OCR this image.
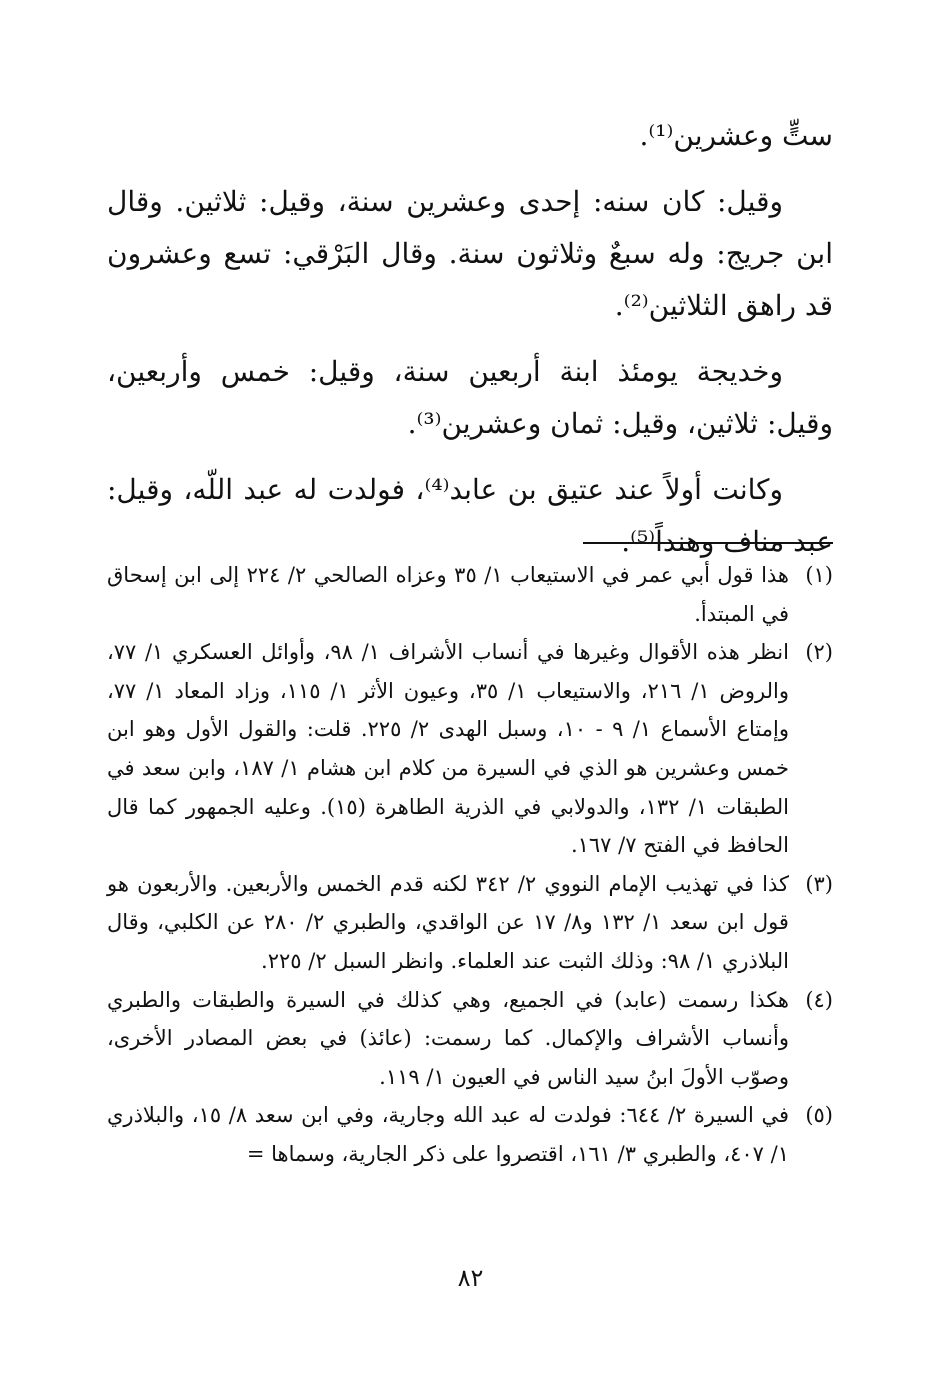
ستٍّ وعشرين⁽¹⁾.

وقيل: كان سنه: إحدى وعشرين سنة، وقيل: ثلاثين. وقال ابن جريج: وله سبعٌ وثلاثون سنة. وقال البَرْقي: تسع وعشرون قد راهق الثلاثين⁽²⁾.

وخديجة يومئذ ابنة أربعين سنة، وقيل: خمس وأربعين، وقيل: ثلاثين، وقيل: ثمان وعشرين⁽³⁾.

وكانت أولاً عند عتيق بن عابد⁽⁴⁾، فولدت له عبد اللّه، وقيل: عبد مناف وهنداً⁽⁵⁾.

(١)
هذا قول أبي عمر في الاستيعاب ١/ ٣٥ وعزاه الصالحي ٢/ ٢٢٤ إلى ابن إسحاق في المبتدأ.
(٢)
انظر هذه الأقوال وغيرها في أنساب الأشراف ١/ ٩٨، وأوائل العسكري ١/ ٧٧، والروض ١/ ٢١٦، والاستيعاب ١/ ٣٥، وعيون الأثر ١/ ١١٥، وزاد المعاد ١/ ٧٧، وإمتاع الأسماع ١/ ٩ - ١٠، وسبل الهدى ٢/ ٢٢٥. قلت: والقول الأول وهو ابن خمس وعشرين هو الذي في السيرة من كلام ابن هشام ١/ ١٨٧، وابن سعد في الطبقات ١/ ١٣٢، والدولابي في الذرية الطاهرة (١٥). وعليه الجمهور كما قال الحافظ في الفتح ٧/ ١٦٧.
(٣)
كذا في تهذيب الإمام النووي ٢/ ٣٤٢ لكنه قدم الخمس والأربعين. والأربعون هو قول ابن سعد ١/ ١٣٢ و٨/ ١٧ عن الواقدي، والطبري ٢/ ٢٨٠ عن الكلبي، وقال البلاذري ١/ ٩٨: وذلك الثبت عند العلماء. وانظر السبل ٢/ ٢٢٥.
(٤)
هكذا رسمت (عابد) في الجميع، وهي كذلك في السيرة والطبقات والطبري وأنساب الأشراف والإكمال. كما رسمت: (عائذ) في بعض المصادر الأخرى، وصوّب الأولَ ابنُ سيد الناس في العيون ١/ ١١٩.
(٥)
في السيرة ٢/ ٦٤٤: فولدت له عبد الله وجارية، وفي ابن سعد ٨/ ١٥، والبلاذري ١/ ٤٠٧، والطبري ٣/ ١٦١، اقتصروا على ذكر الجارية، وسماها =
٨٢
